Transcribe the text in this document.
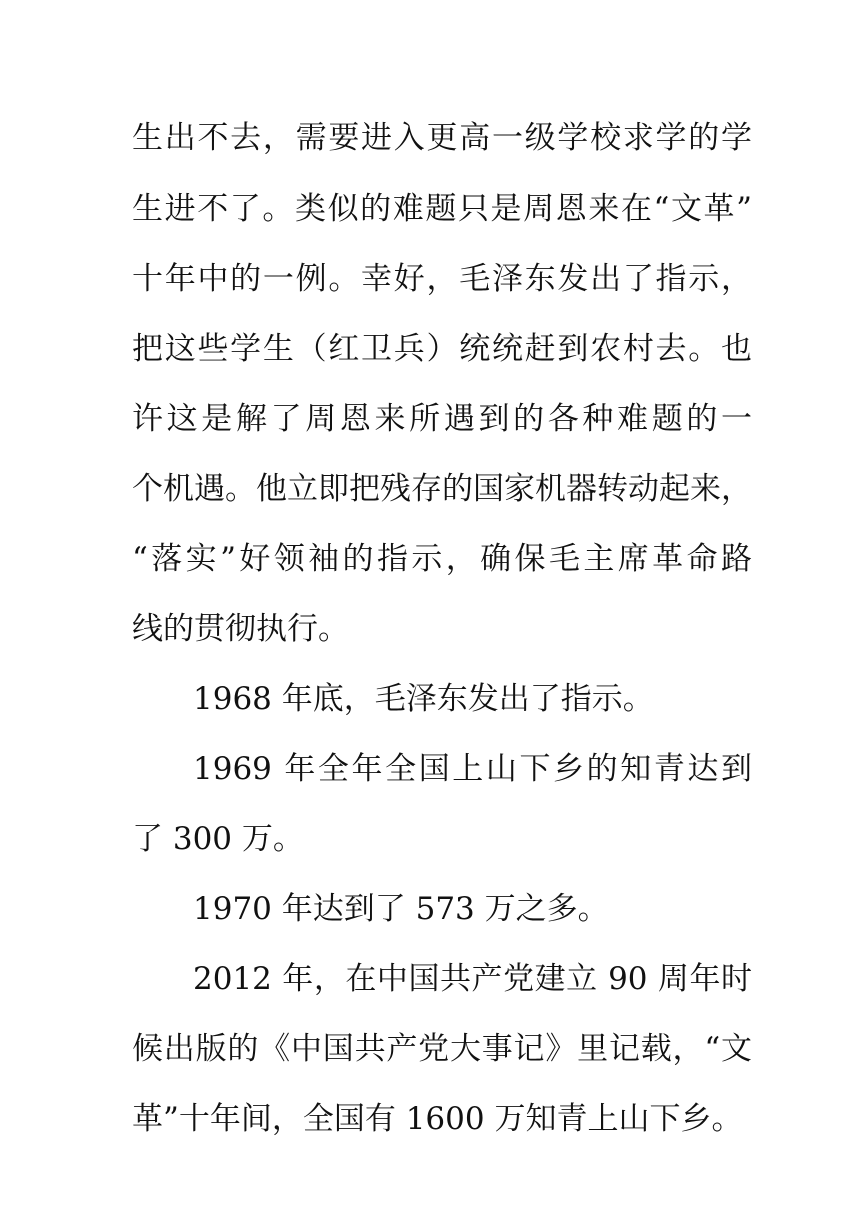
生出不去，需要进入更高一级学校求学的学
生进不了。类似的难题只是周恩来在“文革”
十年中的一例。幸好，毛泽东发出了指示，
把这些学生（红卫兵）统统赶到农村去。也
许这是解了周恩来所遇到的各种难题的一
个机遇。他立即把残存的国家机器转动起来，
“落实”好领袖的指示，确保毛主席革命路
线的贯彻执行。
1968 年底，毛泽东发出了指示。
1969 年全年全国上山下乡的知青达到
了 300 万。
1970 年达到了 573 万之多。
2012 年，在中国共产党建立 90 周年时
候出版的《中国共产党大事记》里记载，“文
革”十年间，全国有 1600 万知青上山下乡。
